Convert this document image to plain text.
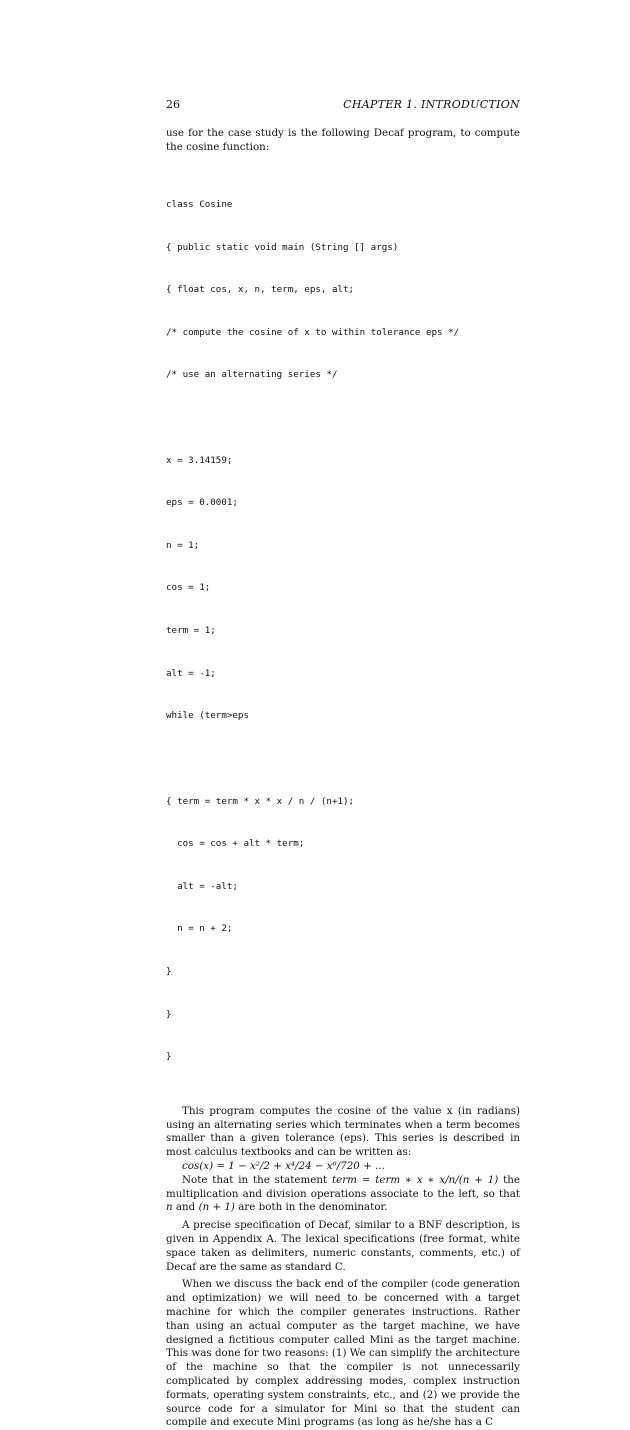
26	CHAPTER 1. INTRODUCTION

use for the case study is the following Decaf program, to compute the cosine function:

class Cosine

{ public static void main (String [] args)

{ float cos, x, n, term, eps, alt;

/* compute the cosine of x to within tolerance eps */

/* use an alternating series */

x = 3.14159;

eps = 0.0001;

n = 1;

cos = 1;

term = 1;

alt = -1;

while (term>eps

{ term = term * x * x / n / (n+1);

cos = cos + alt * term;

alt = -alt;

n = n + 2;

}

}

}

This program computes the cosine of the value x (in radians) using an alternating series which terminates when a term becomes smaller than a given tolerance (eps). This series is described in most calculus textbooks and can be written as:

cos(x) = 1 − x²/2 + x⁴/24 − x⁶/720 + ...

Note that in the statement term = term ∗ x ∗ x/n/(n + 1) the multiplication and division operations associate to the left, so that n and (n + 1) are both in the denominator.

A precise specification of Decaf, similar to a BNF description, is given in Appendix A. The lexical specifications (free format, white space taken as delimiters, numeric constants, comments, etc.) of Decaf are the same as standard C.

When we discuss the back end of the compiler (code generation and optimization) we will need to be concerned with a target machine for which the compiler generates instructions. Rather than using an actual computer as the target machine, we have designed a fictitious computer called Mini as the target machine. This was done for two reasons: (1) We can simplify the architecture of the machine so that the compiler is not unnecessarily complicated by complex addressing modes, complex instruction formats, operating system constraints, etc., and (2) we provide the source code for a simulator for Mini so that the student can compile and execute Mini programs (as long as he/she has a C
